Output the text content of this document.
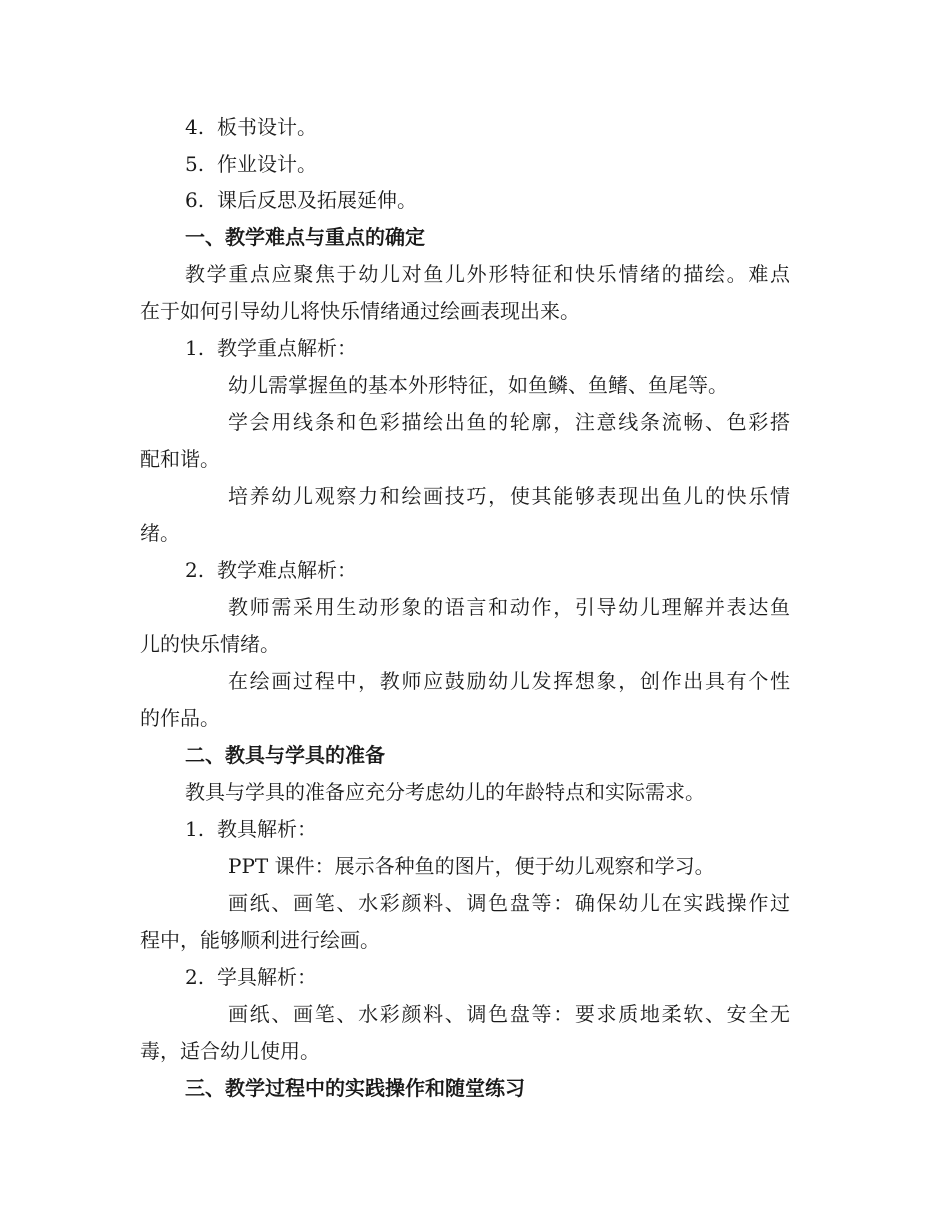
4. 板书设计。
5. 作业设计。
6. 课后反思及拓展延伸。
一、教学难点与重点的确定
教学重点应聚焦于幼儿对鱼儿外形特征和快乐情绪的描绘。难点
在于如何引导幼儿将快乐情绪通过绘画表现出来。
1. 教学重点解析：
幼儿需掌握鱼的基本外形特征，如鱼鳞、鱼鳍、鱼尾等。
学会用线条和色彩描绘出鱼的轮廓，注意线条流畅、色彩搭
配和谐。
培养幼儿观察力和绘画技巧，使其能够表现出鱼儿的快乐情
绪。
2. 教学难点解析：
教师需采用生动形象的语言和动作，引导幼儿理解并表达鱼
儿的快乐情绪。
在绘画过程中，教师应鼓励幼儿发挥想象，创作出具有个性
的作品。
二、教具与学具的准备
教具与学具的准备应充分考虑幼儿的年龄特点和实际需求。
1. 教具解析：
PPT 课件：展示各种鱼的图片，便于幼儿观察和学习。
画纸、画笔、水彩颜料、调色盘等：确保幼儿在实践操作过
程中，能够顺利进行绘画。
2. 学具解析：
画纸、画笔、水彩颜料、调色盘等：要求质地柔软、安全无
毒，适合幼儿使用。
三、教学过程中的实践操作和随堂练习
